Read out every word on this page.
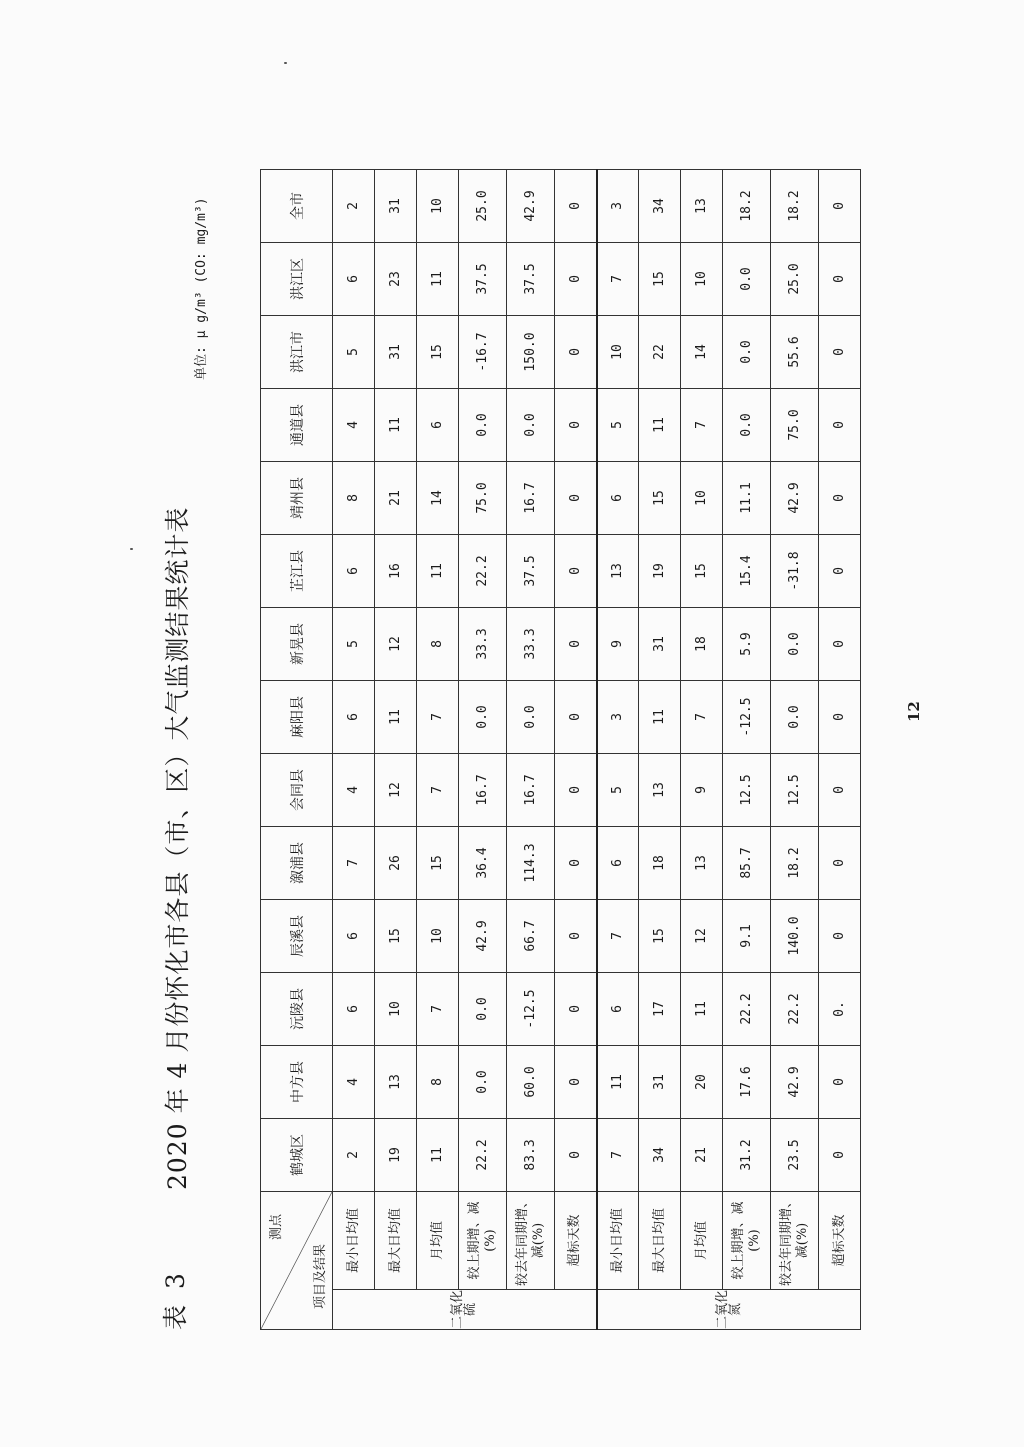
表 3
2020 年 4 月份怀化市各县（市、区）大气监测结果统计表
单位: μ g/m³ (CO: mg/m³)
测点
项目及结果		鹤城区	中方县	沅陵县	辰溪县	溆浦县	会同县	麻阳县	新晃县	芷江县	靖州县	通道县	洪江市	洪江区	全市
二氧化硫	最小日均值	2	4	6	6	7	4	6	5	6	8	4	5	6	2
	最大日均值	19	13	10	15	26	12	11	12	16	21	11	31	23	31
	月均值	11	8	7	10	15	7	7	8	11	14	6	15	11	10
	较上期增、减(%)	22.2	0.0	0.0	42.9	36.4	16.7	0.0	33.3	22.2	75.0	0.0	-16.7	37.5	25.0
	较去年同期增、减(%)	83.3	60.0	-12.5	66.7	114.3	16.7	0.0	33.3	37.5	16.7	0.0	150.0	37.5	42.9
	超标天数	0	0	0	0	0	0	0	0	0	0	0	0	0	0
二氧化氮	最小日均值	7	11	6	7	6	5	3	9	13	6	5	10	7	3
	最大日均值	34	31	17	15	18	13	11	31	19	15	11	22	15	34
	月均值	21	20	11	12	13	9	7	18	15	10	7	14	10	13
	较上期增、减(%)	31.2	17.6	22.2	9.1	85.7	12.5	-12.5	5.9	15.4	11.1	0.0	0.0	0.0	18.2
	较去年同期增、减(%)	23.5	42.9	22.2	140.0	18.2	12.5	0.0	0.0	-31.8	42.9	75.0	55.6	25.0	18.2
	超标天数	0	0	0.	0	0	0	0	0	0	0	0	0	0	0
12
